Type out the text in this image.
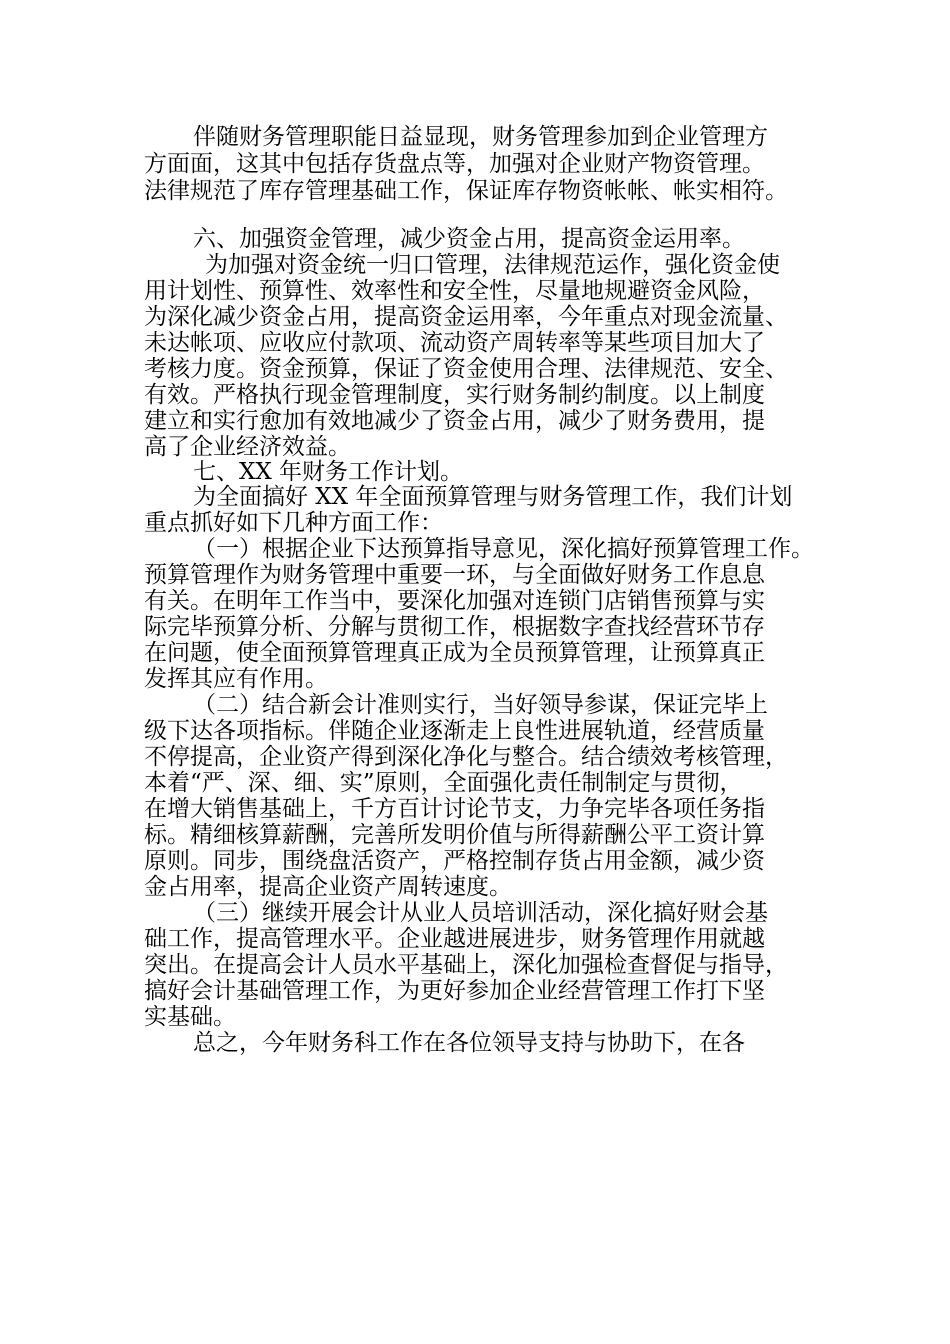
伴随财务管理职能日益显现，财务管理参加到企业管理方
方面面，这其中包括存货盘点等，加强对企业财产物资管理。
法律规范了库存管理基础工作，保证库存物资帐帐、帐实相符。
六、加强资金管理，减少资金占用，提高资金运用率。
为加强对资金统一归口管理，法律规范运作，强化资金使
用计划性、预算性、效率性和安全性，尽量地规避资金风险，
为深化减少资金占用，提高资金运用率，今年重点对现金流量、
未达帐项、应收应付款项、流动资产周转率等某些项目加大了
考核力度。资金预算，保证了资金使用合理、法律规范、安全、
有效。严格执行现金管理制度，实行财务制约制度。以上制度
建立和实行愈加有效地减少了资金占用，减少了财务费用，提
高了企业经济效益。
七、XX 年财务工作计划。
为全面搞好 XX 年全面预算管理与财务管理工作，我们计划
重点抓好如下几种方面工作：
（一）根据企业下达预算指导意见，深化搞好预算管理工作。
预算管理作为财务管理中重要一环，与全面做好财务工作息息
有关。在明年工作当中，要深化加强对连锁门店销售预算与实
际完毕预算分析、分解与贯彻工作，根据数字查找经营环节存
在问题，使全面预算管理真正成为全员预算管理，让预算真正
发挥其应有作用。
（二）结合新会计准则实行，当好领导参谋，保证完毕上
级下达各项指标。伴随企业逐渐走上良性进展轨道，经营质量
不停提高，企业资产得到深化净化与整合。结合绩效考核管理，
本着“严、深、细、实”原则，全面强化责任制制定与贯彻，
在增大销售基础上，千方百计讨论节支，力争完毕各项任务指
标。精细核算薪酬，完善所发明价值与所得薪酬公平工资计算
原则。同步，围绕盘活资产，严格控制存货占用金额，减少资
金占用率，提高企业资产周转速度。
（三）继续开展会计从业人员培训活动，深化搞好财会基
础工作，提高管理水平。企业越进展进步，财务管理作用就越
突出。在提高会计人员水平基础上，深化加强检查督促与指导，
搞好会计基础管理工作，为更好参加企业经营管理工作打下坚
实基础。
总之，今年财务科工作在各位领导支持与协助下，在各
